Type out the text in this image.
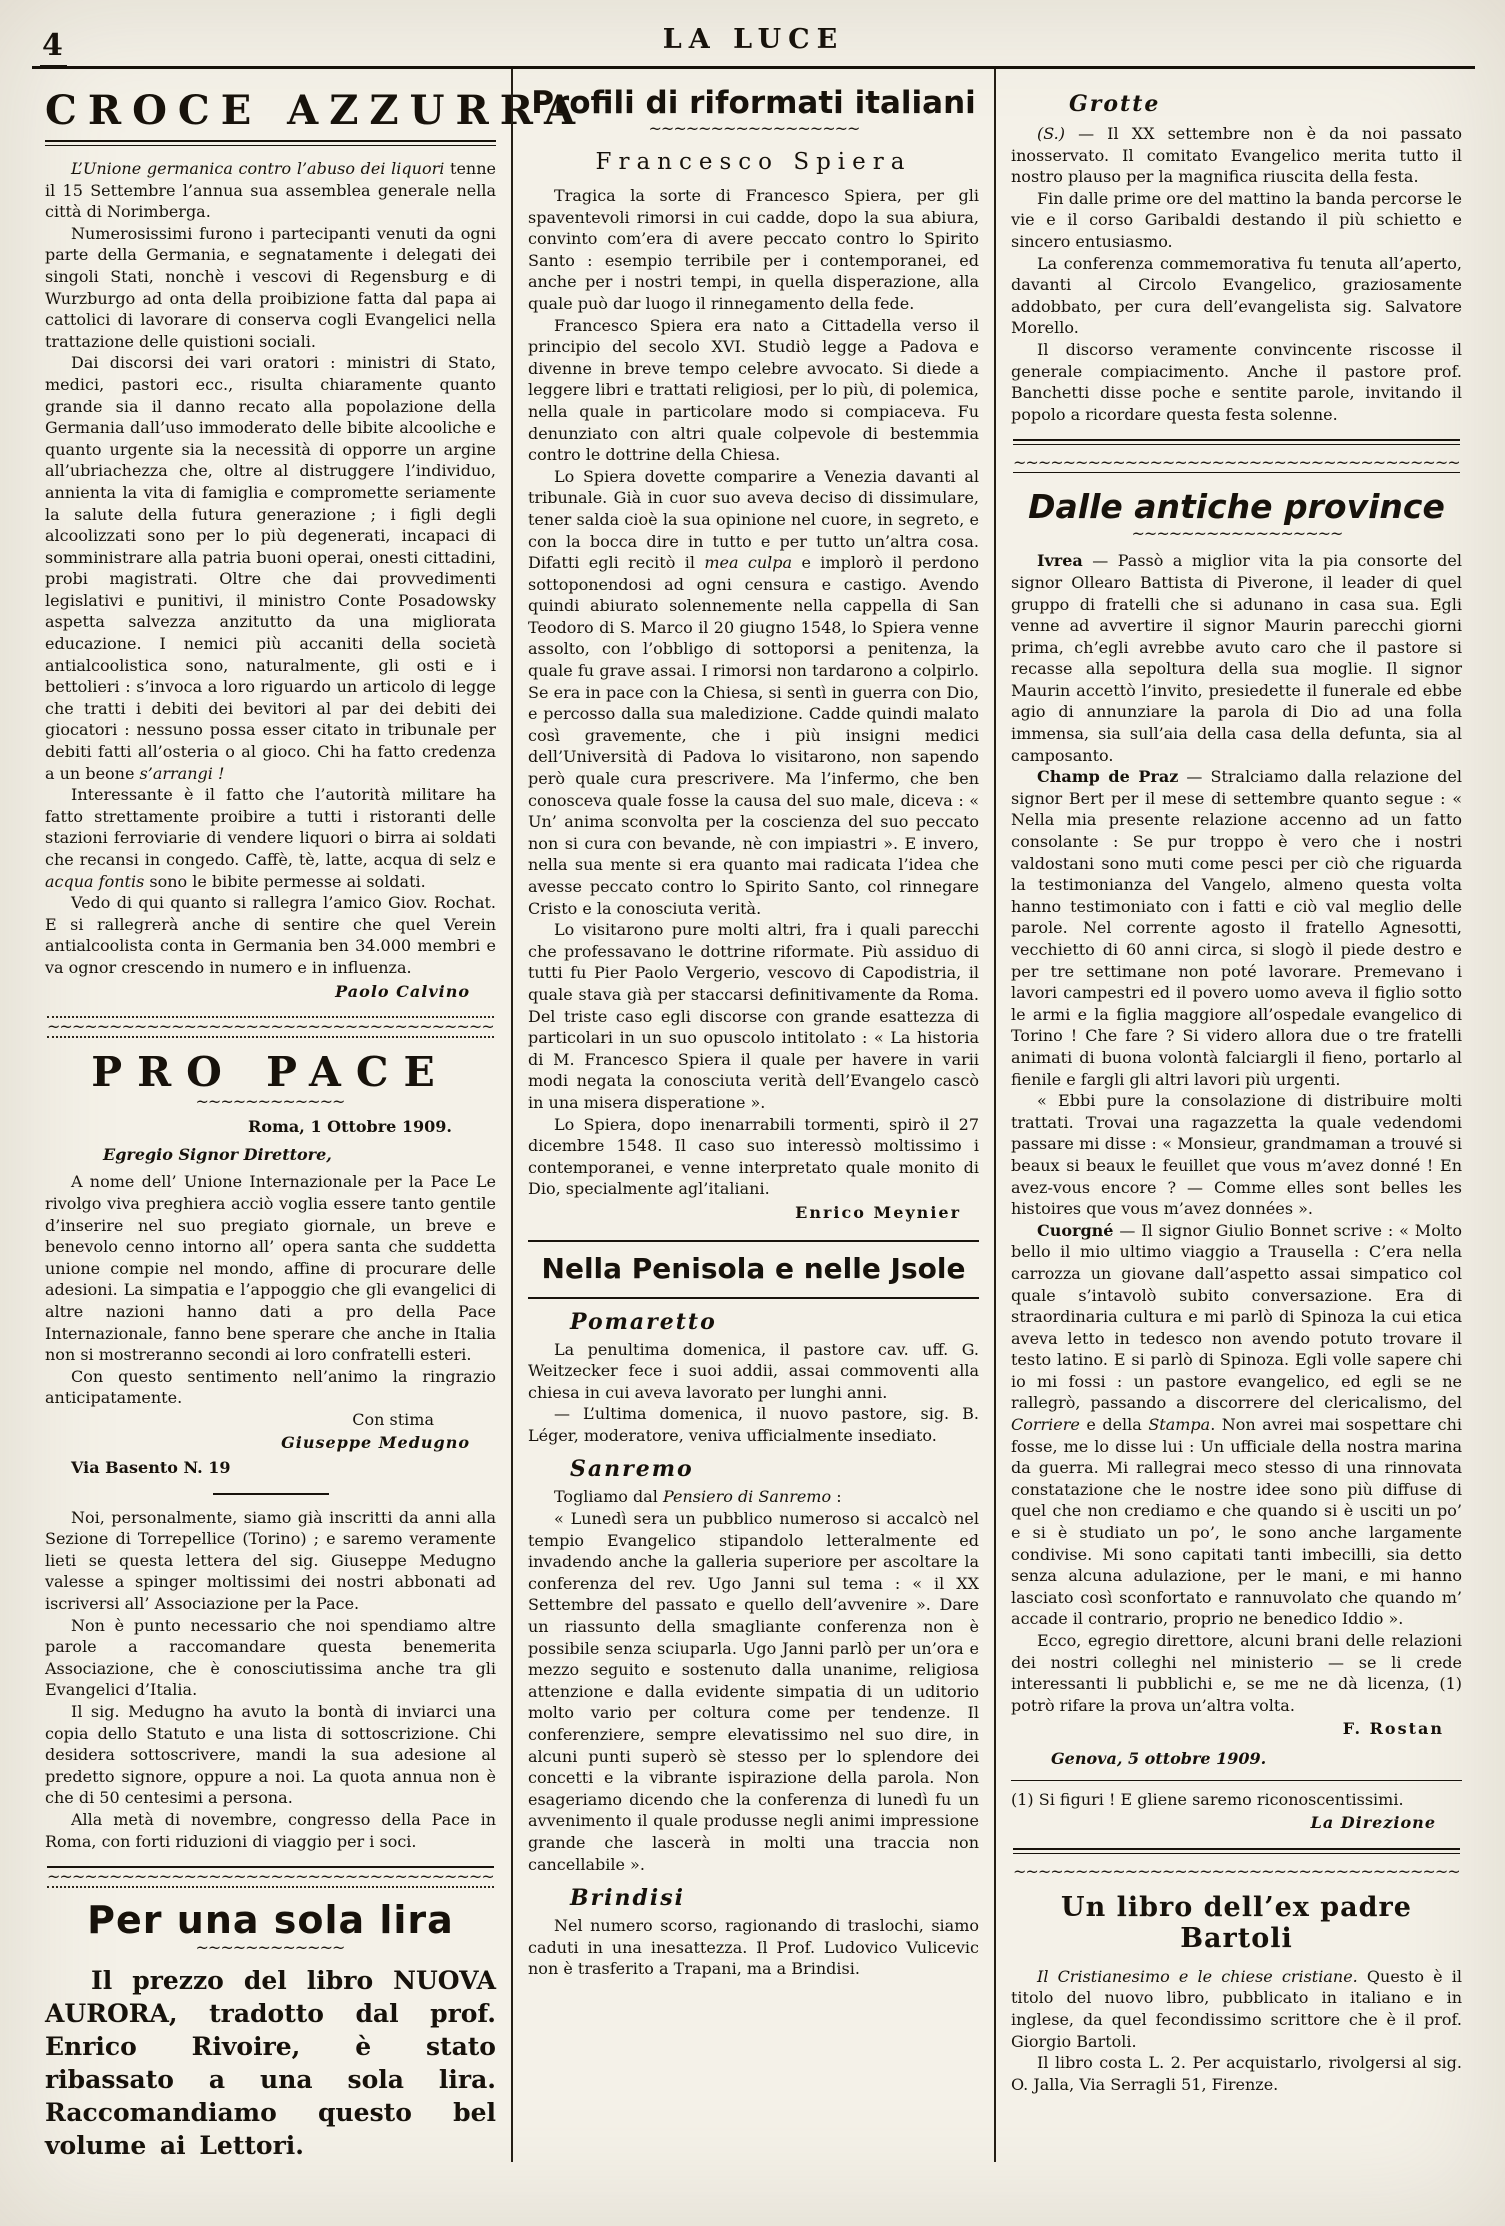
4	LA LUCE
CROCE AZZURRA

L’Unione germanica contro l’abuso dei liquori tenne il 15 Settembre l’annua sua assemblea generale nella città di Norimberga.

Numerosissimi furono i partecipanti venuti da ogni parte della Germania, e segnatamente i delegati dei singoli Stati, nonchè i vescovi di Regensburg e di Wurzburgo ad onta della proibizione fatta dal papa ai cattolici di lavorare di conserva cogli Evangelici nella trattazione delle quistioni sociali.

Dai discorsi dei vari oratori : ministri di Stato, medici, pastori ecc., risulta chiaramente quanto grande sia il danno recato alla popolazione della Germania dall’uso immoderato delle bibite alcooliche e quanto urgente sia la necessità di opporre un argine all’ubriachezza che, oltre al distruggere l’individuo, annienta la vita di famiglia e compromette seriamente la salute della futura generazione ; i figli degli alcoolizzati sono per lo più degenerati, incapaci di somministrare alla patria buoni operai, onesti cittadini, probi magistrati. Oltre che dai provvedimenti legislativi e punitivi, il ministro Conte Posadowsky aspetta salvezza anzitutto da una migliorata educazione. I nemici più accaniti della società antialcoolistica sono, naturalmente, gli osti e i bettolieri : s’invoca a loro riguardo un articolo di legge che tratti i debiti dei bevitori al par dei debiti dei giocatori : nessuno possa esser citato in tribunale per debiti fatti all’osteria o al gioco. Chi ha fatto credenza a un beone s’arrangi !

Interessante è il fatto che l’autorità militare ha fatto strettamente proibire a tutti i ristoranti delle stazioni ferroviarie di vendere liquori o birra ai soldati che recansi in congedo. Caffè, tè, latte, acqua di selz e acqua fontis sono le bibite permesse ai soldati.

Vedo di qui quanto si rallegra l’amico Giov. Rochat. E si rallegrerà anche di sentire che quel Verein antialcoolista conta in Germania ben 34.000 membri e va ognor crescendo in numero e in influenza.

Paolo Calvino

~~~~~
PRO PACE
~~~~~

Roma, 1 Ottobre 1909.

Egregio Signor Direttore,

A nome dell’ Unione Internazionale per la Pace Le rivolgo viva preghiera acciò voglia essere tanto gentile d’inserire nel suo pregiato giornale, un breve e benevolo cenno intorno all’ opera santa che suddetta unione compie nel mondo, affine di procurare delle adesioni. La simpatia e l’appoggio che gli evangelici di altre nazioni hanno dati a pro della Pace Internazionale, fanno bene sperare che anche in Italia non si mostreranno secondi ai loro confratelli esteri.

Con questo sentimento nell’animo la ringrazio anticipatamente.

Con stima

Giuseppe Medugno

Via Basento N. 19

Noi, personalmente, siamo già inscritti da anni alla Sezione di Torrepellice (Torino) ; e saremo veramente lieti se questa lettera del sig. Giuseppe Medugno valesse a spinger moltissimi dei nostri abbonati ad iscriversi all’ Associazione per la Pace.

Non è punto necessario che noi spendiamo altre parole a raccomandare questa benemerita Associazione, che è conosciutissima anche tra gli Evangelici d’Italia.

Il sig. Medugno ha avuto la bontà di inviarci una copia dello Statuto e una lista di sottoscrizione. Chi desidera sottoscrivere, mandi la sua adesione al predetto signore, oppure a noi. La quota annua non è che di 50 centesimi a persona.

Alla metà di novembre, congresso della Pace in Roma, con forti riduzioni di viaggio per i soci.

~~~~~
Per una sola lira
~~~~~

Il prezzo del libro NUOVA AURORA, tradotto dal prof. Enrico Rivoire, è stato ribassato a una sola lira. Raccomandiamo questo bel volume ai Lettori.

Profili di riformati italiani
~~~~~
Francesco Spiera

Tragica la sorte di Francesco Spiera, per gli spaventevoli rimorsi in cui cadde, dopo la sua abiura, convinto com’era di avere peccato contro lo Spirito Santo : esempio terribile per i contemporanei, ed anche per i nostri tempi, in quella disperazione, alla quale può dar luogo il rinnegamento della fede.

Francesco Spiera era nato a Cittadella verso il principio del secolo XVI. Studiò legge a Padova e divenne in breve tempo celebre avvocato. Si diede a leggere libri e trattati religiosi, per lo più, di polemica, nella quale in particolare modo si compiaceva. Fu denunziato con altri quale colpevole di bestemmia contro le dottrine della Chiesa.

Lo Spiera dovette comparire a Venezia davanti al tribunale. Già in cuor suo aveva deciso di dissimulare, tener salda cioè la sua opinione nel cuore, in segreto, e con la bocca dire in tutto e per tutto un’altra cosa. Difatti egli recitò il mea culpa e implorò il perdono sottoponendosi ad ogni censura e castigo. Avendo quindi abiurato solennemente nella cappella di San Teodoro di S. Marco il 20 giugno 1548, lo Spiera venne assolto, con l’obbligo di sottoporsi a penitenza, la quale fu grave assai. I rimorsi non tardarono a colpirlo. Se era in pace con la Chiesa, si sentì in guerra con Dio, e percosso dalla sua maledizione. Cadde quindi malato così gravemente, che i più insigni medici dell’Università di Padova lo visitarono, non sapendo però quale cura prescrivere. Ma l’infermo, che ben conosceva quale fosse la causa del suo male, diceva : « Un’ anima sconvolta per la coscienza del suo peccato non si cura con bevande, nè con impiastri ». E invero, nella sua mente si era quanto mai radicata l’idea che avesse peccato contro lo Spirito Santo, col rinnegare Cristo e la conosciuta verità.

Lo visitarono pure molti altri, fra i quali parecchi che professavano le dottrine riformate. Più assiduo di tutti fu Pier Paolo Vergerio, vescovo di Capodistria, il quale stava già per staccarsi definitivamente da Roma. Del triste caso egli discorse con grande esattezza di particolari in un suo opuscolo intitolato : « La historia di M. Francesco Spiera il quale per havere in varii modi negata la conosciuta verità dell’Evangelo cascò in una misera disperatione ».

Lo Spiera, dopo inenarrabili tormenti, spirò il 27 dicembre 1548. Il caso suo interessò moltissimo i contemporanei, e venne interpretato quale monito di Dio, specialmente agl’italiani.

Enrico Meynier

Nella Penisola e nelle Jsole
Pomaretto

La penultima domenica, il pastore cav. uff. G. Weitzecker fece i suoi addii, assai commoventi alla chiesa in cui aveva lavorato per lunghi anni.

— L’ultima domenica, il nuovo pastore, sig. B. Léger, moderatore, veniva ufficialmente insediato.

Sanremo

Togliamo dal Pensiero di Sanremo :

« Lunedì sera un pubblico numeroso si accalcò nel tempio Evangelico stipandolo letteralmente ed invadendo anche la galleria superiore per ascoltare la conferenza del rev. Ugo Janni sul tema : « il XX Settembre del passato e quello dell’avvenire ». Dare un riassunto della smagliante conferenza non è possibile senza sciuparla. Ugo Janni parlò per un’ora e mezzo seguito e sostenuto dalla unanime, religiosa attenzione e dalla evidente simpatia di un uditorio molto vario per coltura come per tendenze. Il conferenziere, sempre elevatissimo nel suo dire, in alcuni punti superò sè stesso per lo splendore dei concetti e la vibrante ispirazione della parola. Non esageriamo dicendo che la conferenza di lunedì fu un avvenimento il quale produsse negli animi impressione grande che lascerà in molti una traccia non cancellabile ».

Brindisi

Nel numero scorso, ragionando di traslochi, siamo caduti in una inesattezza. Il Prof. Ludovico Vulicevic non è trasferito a Trapani, ma a Brindisi.

Grotte

(S.) — Il XX settembre non è da noi passato inosservato. Il comitato Evangelico merita tutto il nostro plauso per la magnifica riuscita della festa.

Fin dalle prime ore del mattino la banda percorse le vie e il corso Garibaldi destando il più schietto e sincero entusiasmo.

La conferenza commemorativa fu tenuta all’aperto, davanti al Circolo Evangelico, graziosamente addobbato, per cura dell’evangelista sig. Salvatore Morello.

Il discorso veramente convincente riscosse il generale compiacimento. Anche il pastore prof. Banchetti disse poche e sentite parole, invitando il popolo a ricordare questa festa solenne.

~~~~~
Dalle antiche province
~~~~~

Ivrea — Passò a miglior vita la pia consorte del signor Ollearo Battista di Piverone, il leader di quel gruppo di fratelli che si adunano in casa sua. Egli venne ad avvertire il signor Maurin parecchi giorni prima, ch’egli avrebbe avuto caro che il pastore si recasse alla sepoltura della sua moglie. Il signor Maurin accettò l’invito, presiedette il funerale ed ebbe agio di annunziare la parola di Dio ad una folla immensa, sia sull’aia della casa della defunta, sia al camposanto.

Champ de Praz — Stralciamo dalla relazione del signor Bert per il mese di settembre quanto segue : « Nella mia presente relazione accenno ad un fatto consolante : Se pur troppo è vero che i nostri valdostani sono muti come pesci per ciò che riguarda la testimonianza del Vangelo, almeno questa volta hanno testimoniato con i fatti e ciò val meglio delle parole. Nel corrente agosto il fratello Agnesotti, vecchietto di 60 anni circa, si slogò il piede destro e per tre settimane non poté lavorare. Premevano i lavori campestri ed il povero uomo aveva il figlio sotto le armi e la figlia maggiore all’ospedale evangelico di Torino ! Che fare ? Si videro allora due o tre fratelli animati di buona volontà falciargli il fieno, portarlo al fienile e fargli gli altri lavori più urgenti.

« Ebbi pure la consolazione di distribuire molti trattati. Trovai una ragazzetta la quale vedendomi passare mi disse : « Monsieur, grandmaman a trouvé si beaux si beaux le feuillet que vous m’avez donné ! En avez-vous encore ? — Comme elles sont belles les histoires que vous m’avez données ».

Cuorgné — Il signor Giulio Bonnet scrive : « Molto bello il mio ultimo viaggio a Trausella : C’era nella carrozza un giovane dall’aspetto assai simpatico col quale s’intavolò subito conversazione. Era di straordinaria cultura e mi parlò di Spinoza la cui etica aveva letto in tedesco non avendo potuto trovare il testo latino. E si parlò di Spinoza. Egli volle sapere chi io mi fossi : un pastore evangelico, ed egli se ne rallegrò, passando a discorrere del clericalismo, del Corriere e della Stampa. Non avrei mai sospettare chi fosse, me lo disse lui : Un ufficiale della nostra marina da guerra. Mi rallegrai meco stesso di una rinnovata constatazione che le nostre idee sono più diffuse di quel che non crediamo e che quando si è usciti un po’ e si è studiato un po’, le sono anche largamente condivise. Mi sono capitati tanti imbecilli, sia detto senza alcuna adulazione, per le mani, e mi hanno lasciato così sconfortato e rannuvolato che quando m’ accade il contrario, proprio ne benedico Iddio ».

Ecco, egregio direttore, alcuni brani delle relazioni dei nostri colleghi nel ministerio — se li crede interessanti li pubblichi e, se me ne dà licenza, (1) potrò rifare la prova un’altra volta.

F. Rostan

Genova, 5 ottobre 1909.

(1) Si figuri ! E gliene saremo riconoscentissimi.

La Direzione

~~~~~
Un libro dell’ex padre Bartoli

Il Cristianesimo e le chiese cristiane. Questo è il titolo del nuovo libro, pubblicato in italiano e in inglese, da quel fecondissimo scrittore che è il prof. Giorgio Bartoli.

Il libro costa L. 2. Per acquistarlo, rivolgersi al sig. O. Jalla, Via Serragli 51, Firenze.
